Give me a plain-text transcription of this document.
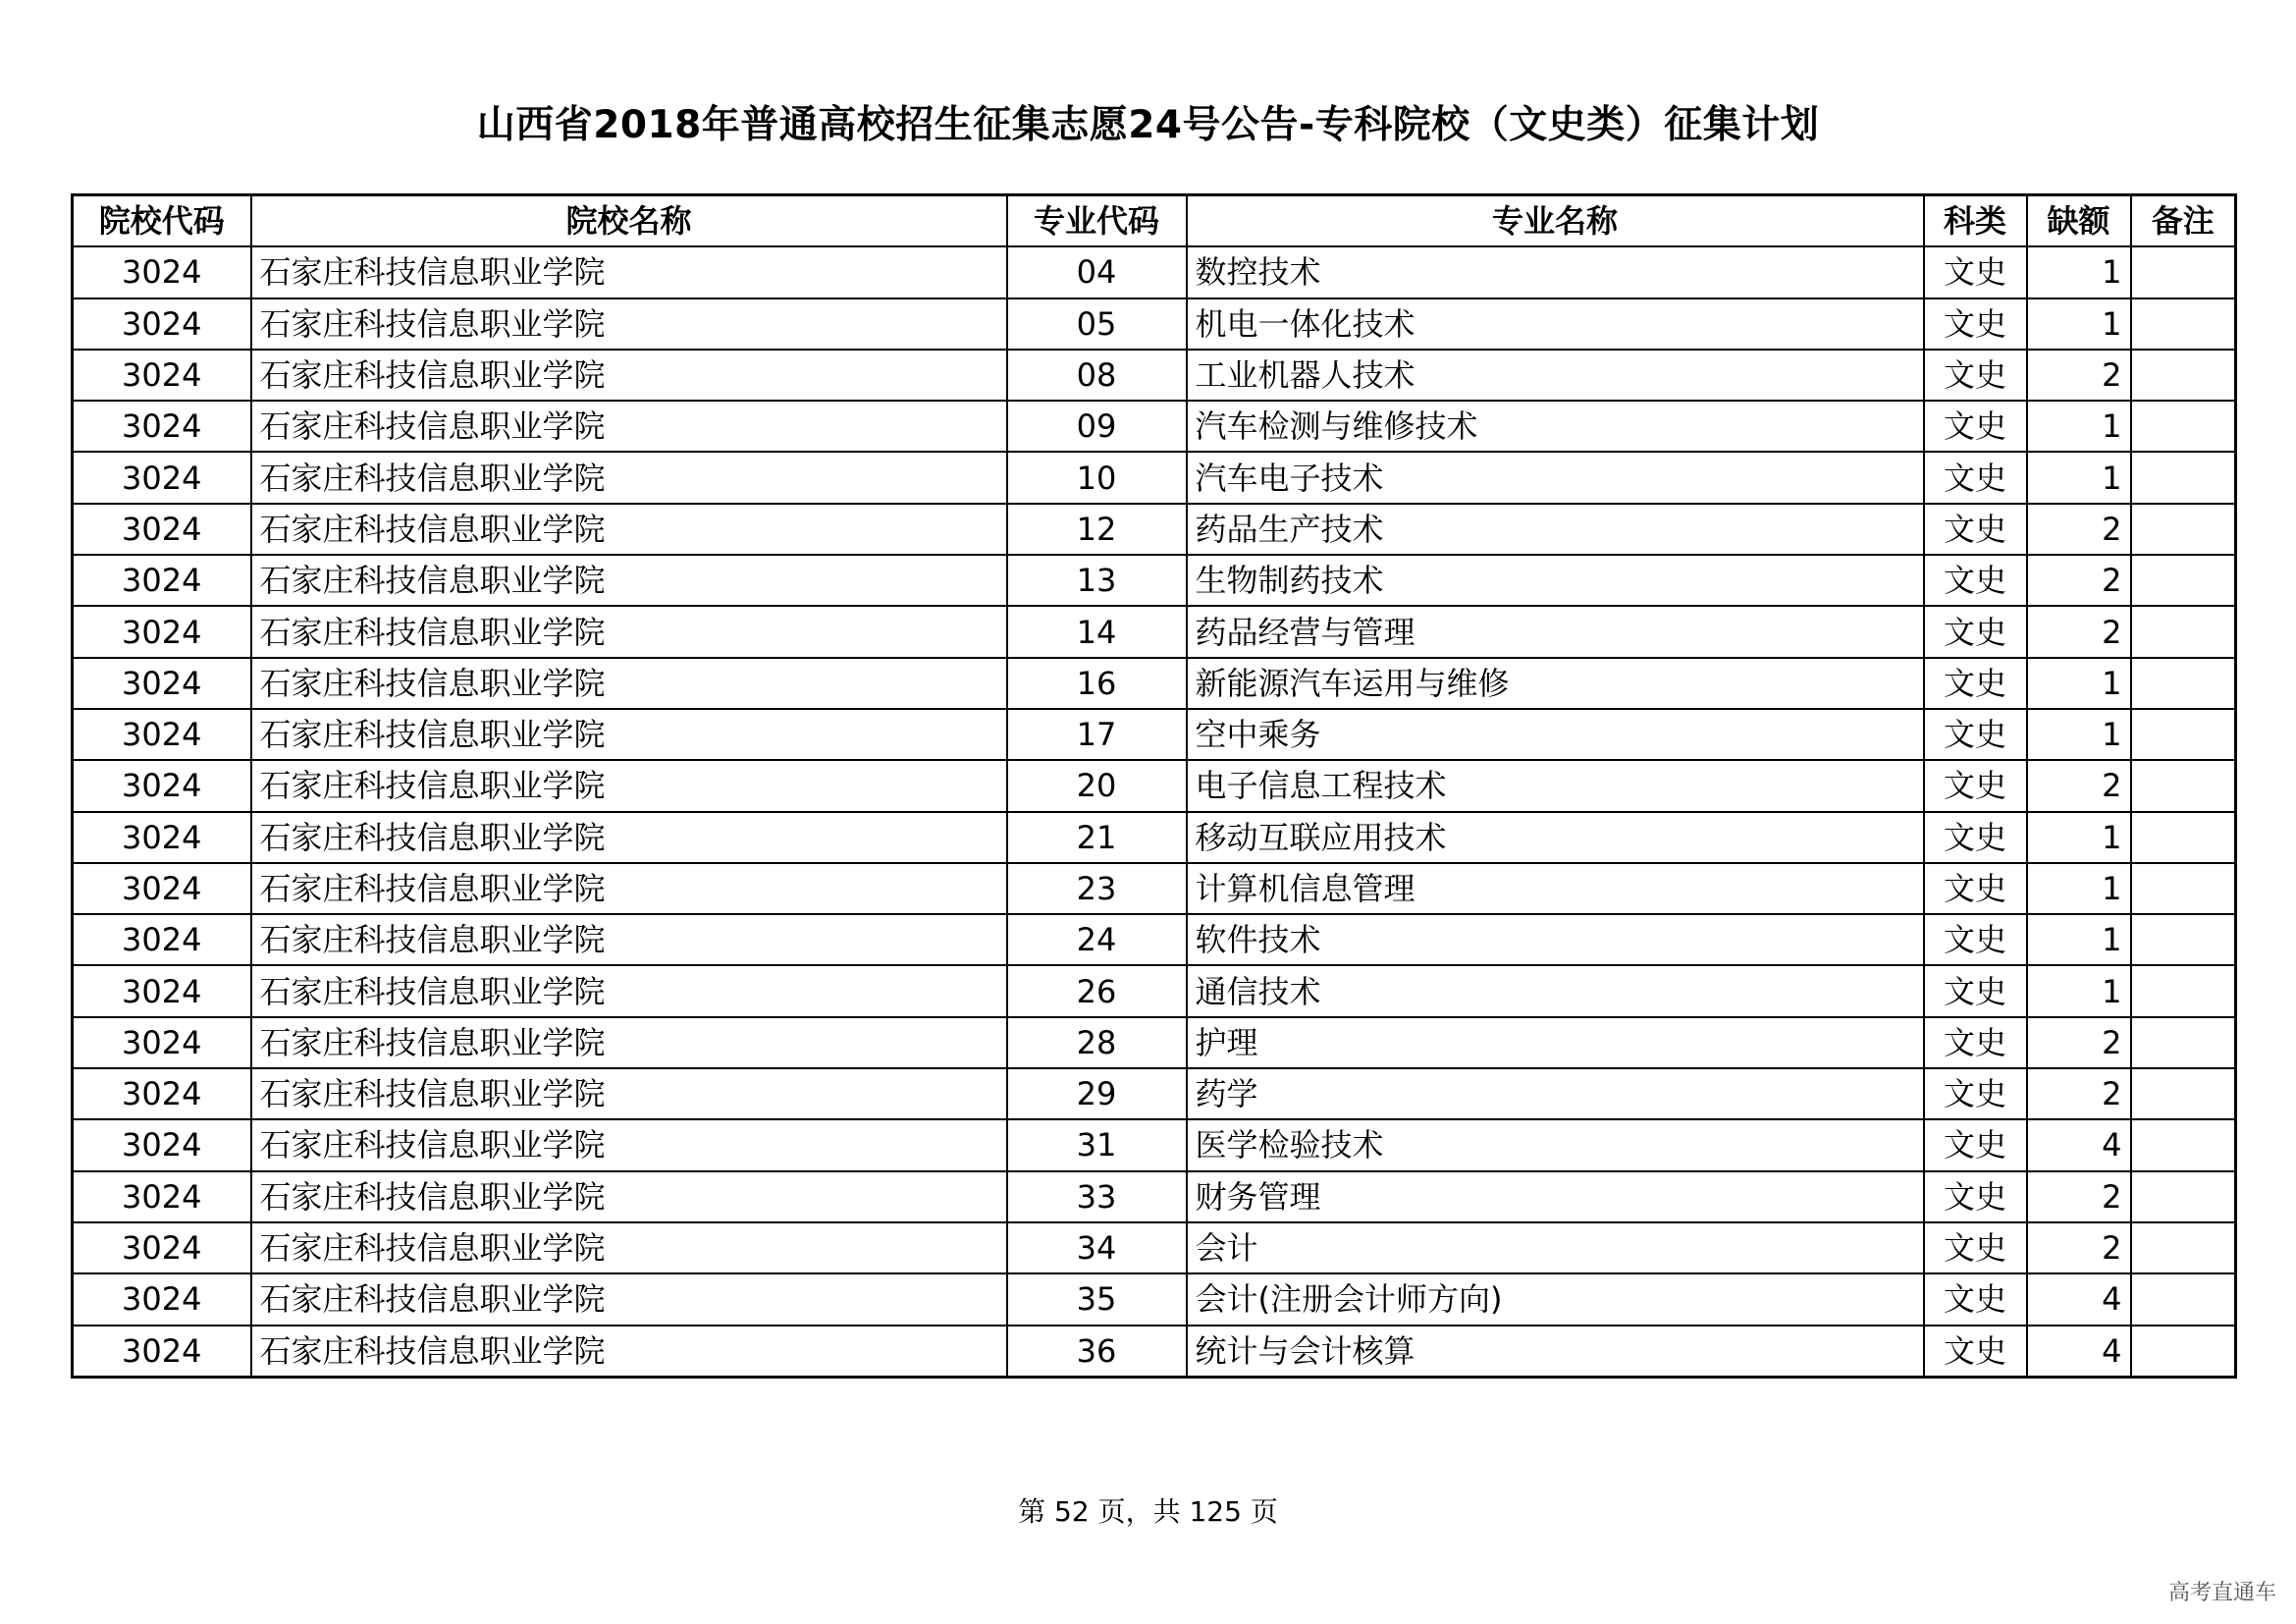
山西省2018年普通高校招生征集志愿24号公告-专科院校（文史类）征集计划
院校代码	院校名称	专业代码	专业名称	科类	缺额	备注
3024	石家庄科技信息职业学院	04	数控技术	文史	1	
3024	石家庄科技信息职业学院	05	机电一体化技术	文史	1	
3024	石家庄科技信息职业学院	08	工业机器人技术	文史	2	
3024	石家庄科技信息职业学院	09	汽车检测与维修技术	文史	1	
3024	石家庄科技信息职业学院	10	汽车电子技术	文史	1	
3024	石家庄科技信息职业学院	12	药品生产技术	文史	2	
3024	石家庄科技信息职业学院	13	生物制药技术	文史	2	
3024	石家庄科技信息职业学院	14	药品经营与管理	文史	2	
3024	石家庄科技信息职业学院	16	新能源汽车运用与维修	文史	1	
3024	石家庄科技信息职业学院	17	空中乘务	文史	1	
3024	石家庄科技信息职业学院	20	电子信息工程技术	文史	2	
3024	石家庄科技信息职业学院	21	移动互联应用技术	文史	1	
3024	石家庄科技信息职业学院	23	计算机信息管理	文史	1	
3024	石家庄科技信息职业学院	24	软件技术	文史	1	
3024	石家庄科技信息职业学院	26	通信技术	文史	1	
3024	石家庄科技信息职业学院	28	护理	文史	2	
3024	石家庄科技信息职业学院	29	药学	文史	2	
3024	石家庄科技信息职业学院	31	医学检验技术	文史	4	
3024	石家庄科技信息职业学院	33	财务管理	文史	2	
3024	石家庄科技信息职业学院	34	会计	文史	2	
3024	石家庄科技信息职业学院	35	会计(注册会计师方向)	文史	4	
3024	石家庄科技信息职业学院	36	统计与会计核算	文史	4	
第 52 页，共 125 页
高考直通车
